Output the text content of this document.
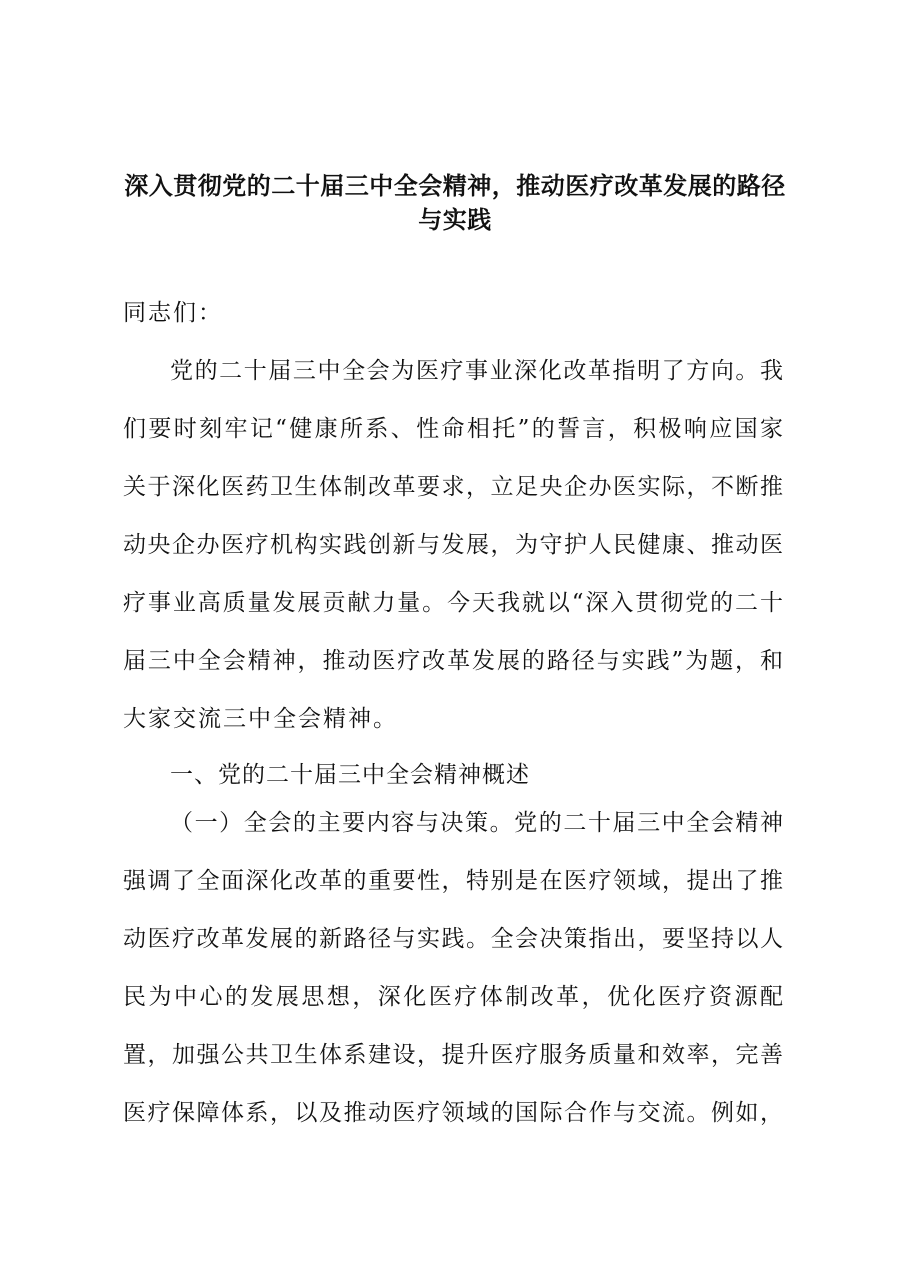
深入贯彻党的二十届三中全会精神，推动医疗改革发展的路径
与实践
同志们：
党的二十届三中全会为医疗事业深化改革指明了方向。我
们要时刻牢记“健康所系、性命相托”的誓言，积极响应国家
关于深化医药卫生体制改革要求，立足央企办医实际，不断推
动央企办医疗机构实践创新与发展，为守护人民健康、推动医
疗事业高质量发展贡献力量。今天我就以“深入贯彻党的二十
届三中全会精神，推动医疗改革发展的路径与实践”为题，和
大家交流三中全会精神。
一、党的二十届三中全会精神概述
（一）全会的主要内容与决策。党的二十届三中全会精神
强调了全面深化改革的重要性，特别是在医疗领域，提出了推
动医疗改革发展的新路径与实践。全会决策指出，要坚持以人
民为中心的发展思想，深化医疗体制改革，优化医疗资源配
置，加强公共卫生体系建设，提升医疗服务质量和效率，完善
医疗保障体系，以及推动医疗领域的国际合作与交流。例如，
